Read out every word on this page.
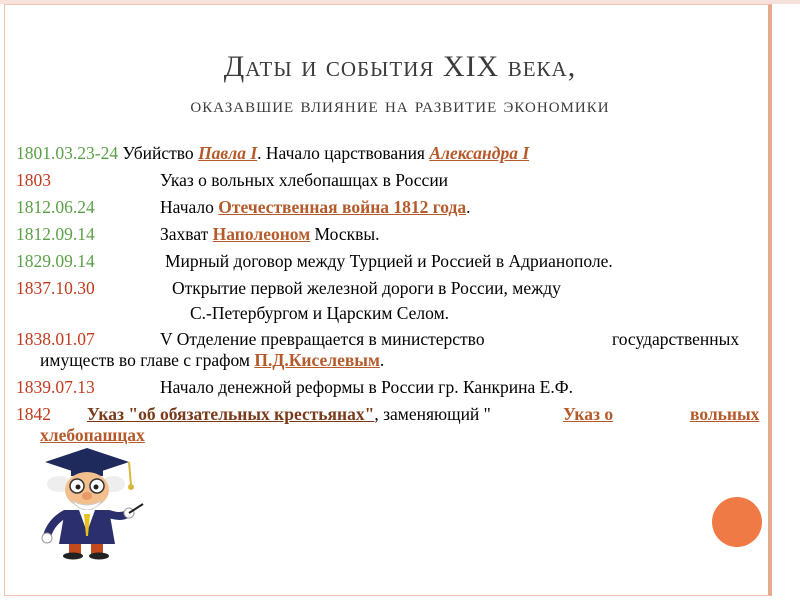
Даты и события XIX века,
оказавшие влияние на развитие экономики
1801.03.23-24 Убийство Павла I. Начало царствования Александра I
1803	Указ о вольных хлебопашцах в России
1812.06.24	Начало Отечественная война 1812 года.
1812.09.14	Захват Наполеоном Москвы.
1829.09.14	Мирный договор между Турцией и Россией в Адрианополе.
1837.10.30	Открытие первой железной дороги в России, между
С.-Петербургом и Царским Селом.
1838.01.07	V Отделение превращается в министерство	государственных
имуществ во главе с графом П.Д.Киселевым.
1839.07.13	Начало денежной реформы в России гр. Канкрина Е.Ф.
1842 Указ "об обязательных крестьянах", заменяющий "	Указ о	вольных
хлебопашцах
